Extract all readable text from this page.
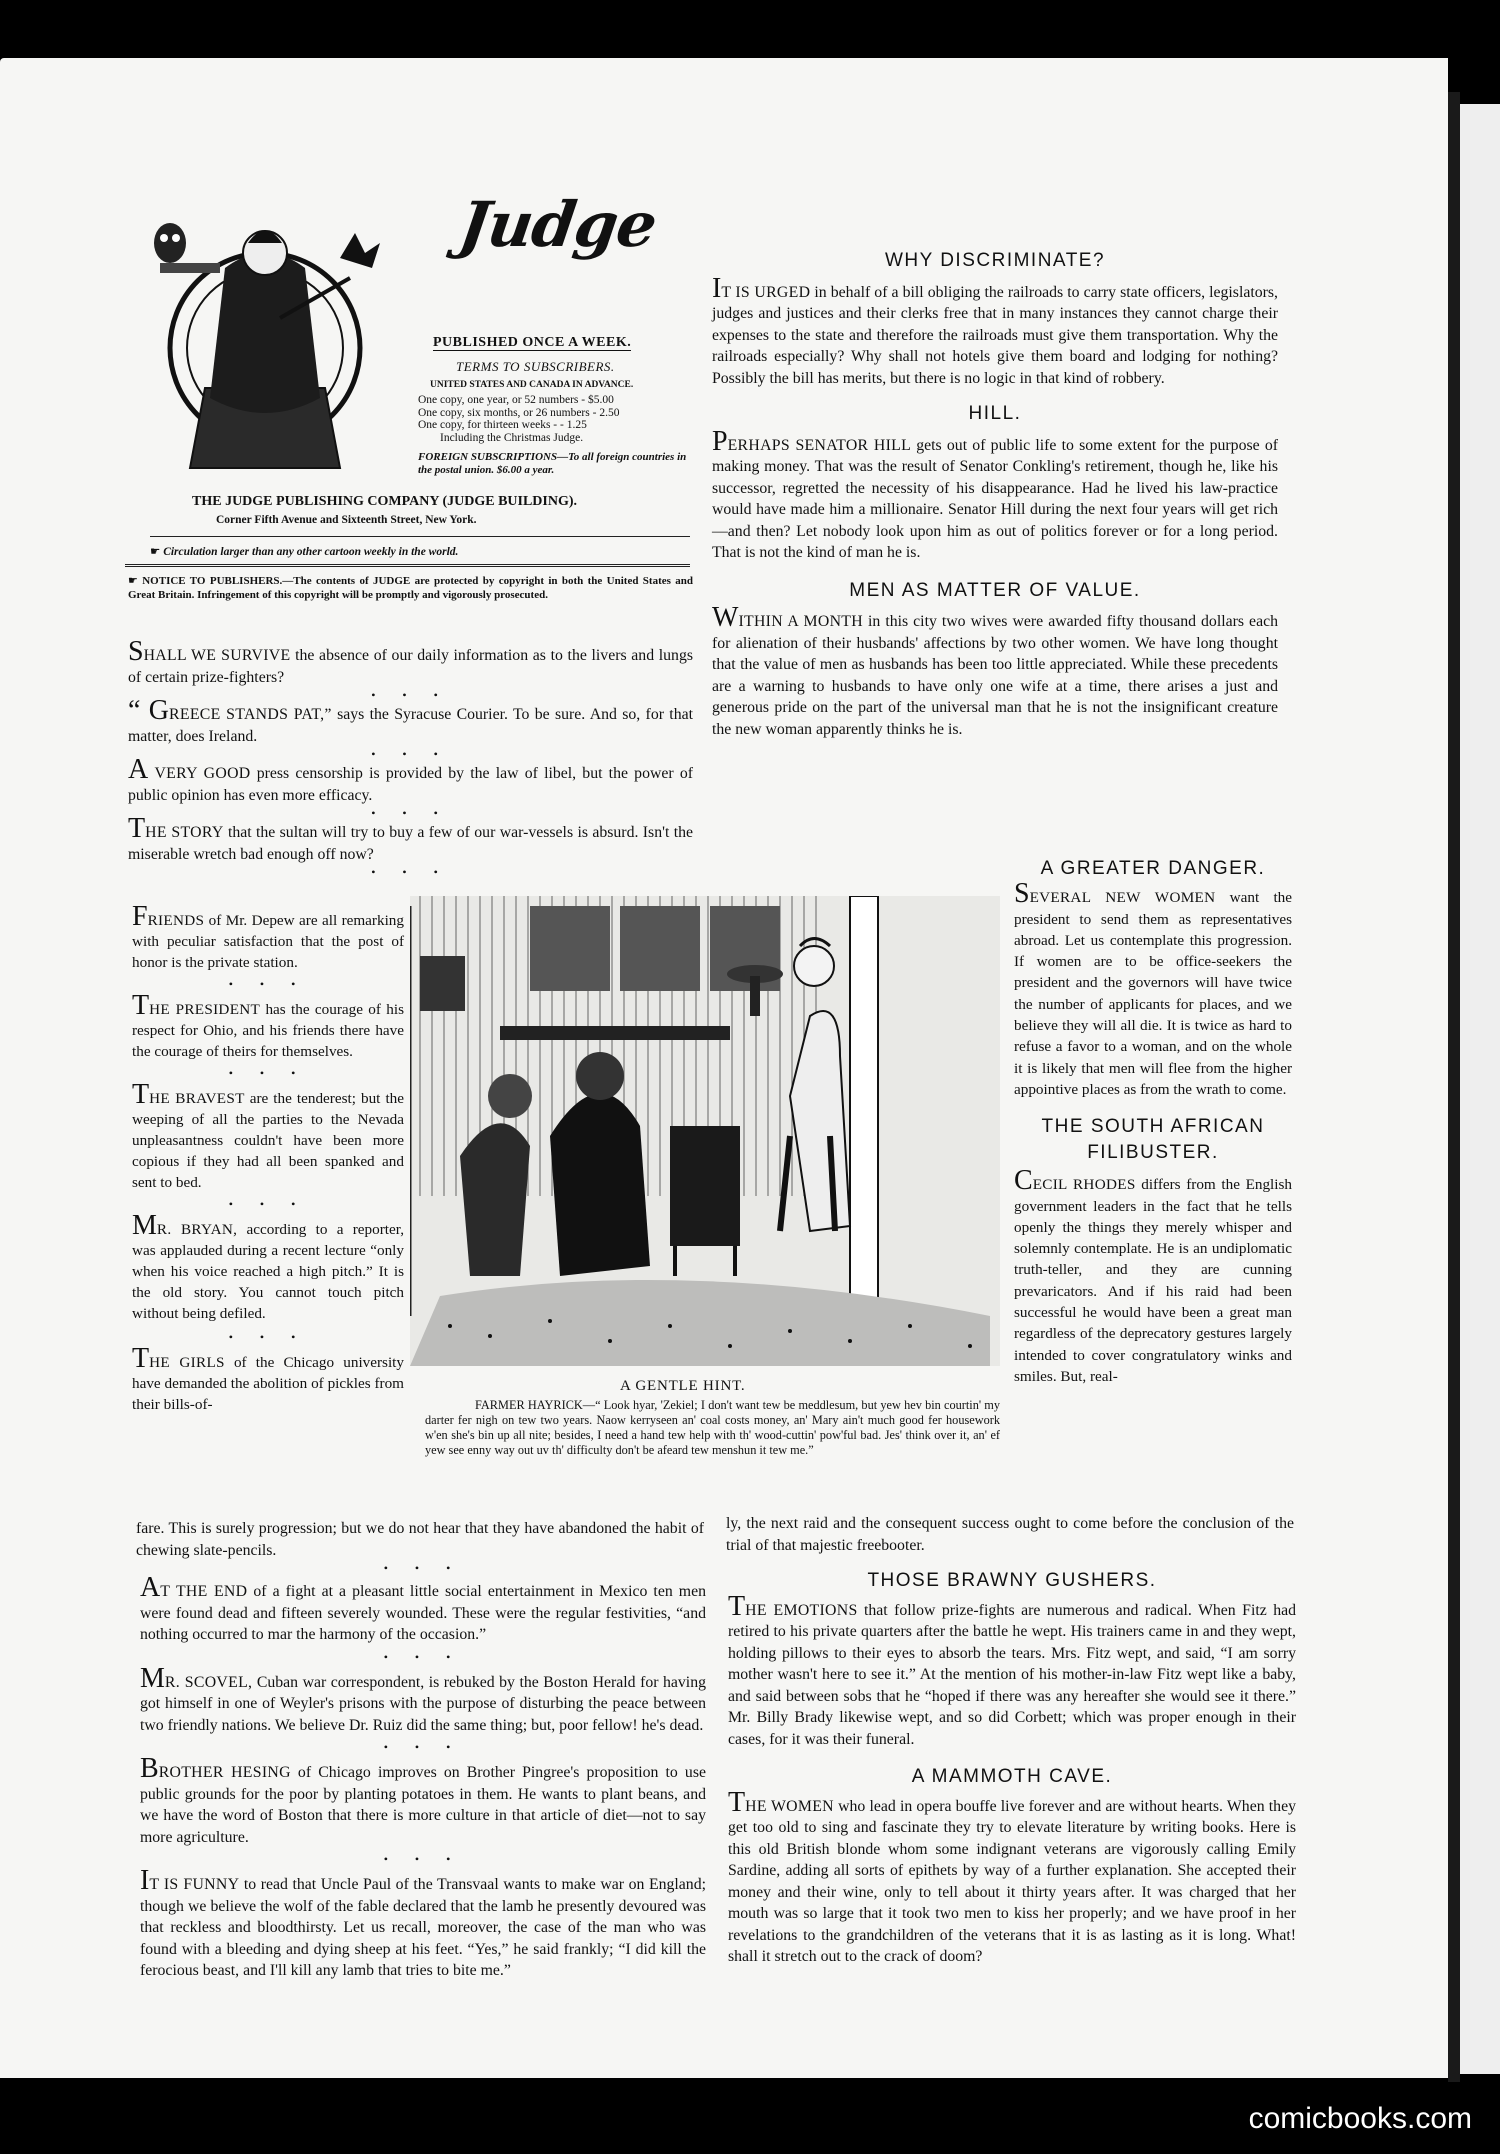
Judge
PUBLISHED ONCE A WEEK.
TERMS TO SUBSCRIBERS.
UNITED STATES AND CANADA IN ADVANCE.
One copy, one year, or 52 numbers - $5.00
One copy, six months, or 26 numbers - 2.50
One copy, for thirteen weeks - - 1.25
Including the Christmas Judge.
FOREIGN SUBSCRIPTIONS—To all foreign countries in the postal union. $6.00 a year.
THE JUDGE PUBLISHING COMPANY (JUDGE BUILDING).
Corner Fifth Avenue and Sixteenth Street, New York.
☛ Circulation larger than any other cartoon weekly in the world.
☛ NOTICE TO PUBLISHERS.—The contents of JUDGE are protected by copyright in both the United States and Great Britain. Infringement of this copyright will be promptly and vigorously prosecuted.

SHALL WE SURVIVE the absence of our daily information as to the livers and lungs of certain prize-fighters?

• • •

“ GREECE STANDS PAT,” says the Syracuse Courier. To be sure. And so, for that matter, does Ireland.

• • •

A VERY GOOD press censorship is provided by the law of libel, but the power of public opinion has even more efficacy.

• • •

THE STORY that the sultan will try to buy a few of our war-vessels is absurd. Isn't the miserable wretch bad enough off now?

• • •

FRIENDS of Mr. Depew are all remarking with peculiar satisfaction that the post of honor is the private station.

• • •

THE PRESIDENT has the courage of his respect for Ohio, and his friends there have the courage of theirs for themselves.

• • •

THE BRAVEST are the tenderest; but the weeping of all the parties to the Nevada unpleasantness couldn't have been more copious if they had all been spanked and sent to bed.

• • •

MR. BRYAN, according to a reporter, was applauded during a recent lecture “only when his voice reached a high pitch.” It is the old story. You cannot touch pitch without being defiled.

• • •

THE GIRLS of the Chicago university have demanded the abolition of pickles from their bills-of-

A GENTLE HINT.
FARMER HAYRICK—“ Look hyar, 'Zekiel; I don't want tew be meddlesum, but yew hev bin courtin' my darter fer nigh on tew two years. Naow kerryseen an' coal costs money, an' Mary ain't much good fer housework w'en she's bin up all nite; besides, I need a hand tew help with th' wood-cuttin' pow'ful bad. Jes' think over it, an' ef yew see enny way out uv th' difficulty don't be afeard tew menshun it tew me.”

fare. This is surely progression; but we do not hear that they have abandoned the habit of chewing slate-pencils.

• • •

AT THE END of a fight at a pleasant little social entertainment in Mexico ten men were found dead and fifteen severely wounded. These were the regular festivities, “and nothing occurred to mar the harmony of the occasion.”

• • •

MR. SCOVEL, Cuban war correspondent, is rebuked by the Boston Herald for having got himself in one of Weyler's prisons with the purpose of disturbing the peace between two friendly nations. We believe Dr. Ruiz did the same thing; but, poor fellow! he's dead.

• • •

BROTHER HESING of Chicago improves on Brother Pingree's proposition to use public grounds for the poor by planting potatoes in them. He wants to plant beans, and we have the word of Boston that there is more culture in that article of diet—not to say more agriculture.

• • •

IT IS FUNNY to read that Uncle Paul of the Transvaal wants to make war on England; though we believe the wolf of the fable declared that the lamb he presently devoured was that reckless and bloodthirsty. Let us recall, moreover, the case of the man who was found with a bleeding and dying sheep at his feet. “Yes,” he said frankly; “I did kill the ferocious beast, and I'll kill any lamb that tries to bite me.”

WHY DISCRIMINATE?

IT IS URGED in behalf of a bill obliging the railroads to carry state officers, legislators, judges and justices and their clerks free that in many instances they cannot charge their expenses to the state and therefore the railroads must give them transportation. Why the railroads especially? Why shall not hotels give them board and lodging for nothing? Possibly the bill has merits, but there is no logic in that kind of robbery.

HILL.

PERHAPS SENATOR HILL gets out of public life to some extent for the purpose of making money. That was the result of Senator Conkling's retirement, though he, like his successor, regretted the necessity of his disappearance. Had he lived his law-practice would have made him a millionaire. Senator Hill during the next four years will get rich—and then? Let nobody look upon him as out of politics forever or for a long period. That is not the kind of man he is.

MEN AS MATTER OF VALUE.

WITHIN A MONTH in this city two wives were awarded fifty thousand dollars each for alienation of their husbands' affections by two other women. We have long thought that the value of men as husbands has been too little appreciated. While these precedents are a warning to husbands to have only one wife at a time, there arises a just and generous pride on the part of the universal man that he is not the insignificant creature the new woman apparently thinks he is.

A GREATER DANGER.

SEVERAL NEW WOMEN want the president to send them as representatives abroad. Let us contemplate this progression. If women are to be office-seekers the president and the governors will have twice the number of applicants for places, and we believe they will all die. It is twice as hard to refuse a favor to a woman, and on the whole it is likely that men will flee from the higher appointive places as from the wrath to come.

THE SOUTH AFRICAN FILIBUSTER.

CECIL RHODES differs from the English government leaders in the fact that he tells openly the things they merely whisper and solemnly contemplate. He is an undiplomatic truth-teller, and they are cunning prevaricators. And if his raid had been successful he would have been a great man regardless of the deprecatory gestures largely intended to cover congratulatory winks and smiles. But, real-

ly, the next raid and the consequent success ought to come before the conclusion of the trial of that majestic freebooter.

THOSE BRAWNY GUSHERS.

THE EMOTIONS that follow prize-fights are numerous and radical. When Fitz had retired to his private quarters after the battle he wept. His trainers came in and they wept, holding pillows to their eyes to absorb the tears. Mrs. Fitz wept, and said, “I am sorry mother wasn't here to see it.” At the mention of his mother-in-law Fitz wept like a baby, and said between sobs that he “hoped if there was any hereafter she would see it there.” Mr. Billy Brady likewise wept, and so did Corbett; which was proper enough in their cases, for it was their funeral.

A MAMMOTH CAVE.

THE WOMEN who lead in opera bouffe live forever and are without hearts. When they get too old to sing and fascinate they try to elevate literature by writing books. Here is this old British blonde whom some indignant veterans are vigorously calling Emily Sardine, adding all sorts of epithets by way of a further explanation. She accepted their money and their wine, only to tell about it thirty years after. It was charged that her mouth was so large that it took two men to kiss her properly; and we have proof in her revelations to the grandchildren of the veterans that it is as lasting as it is long. What! shall it stretch out to the crack of doom?

comicbooks.com
